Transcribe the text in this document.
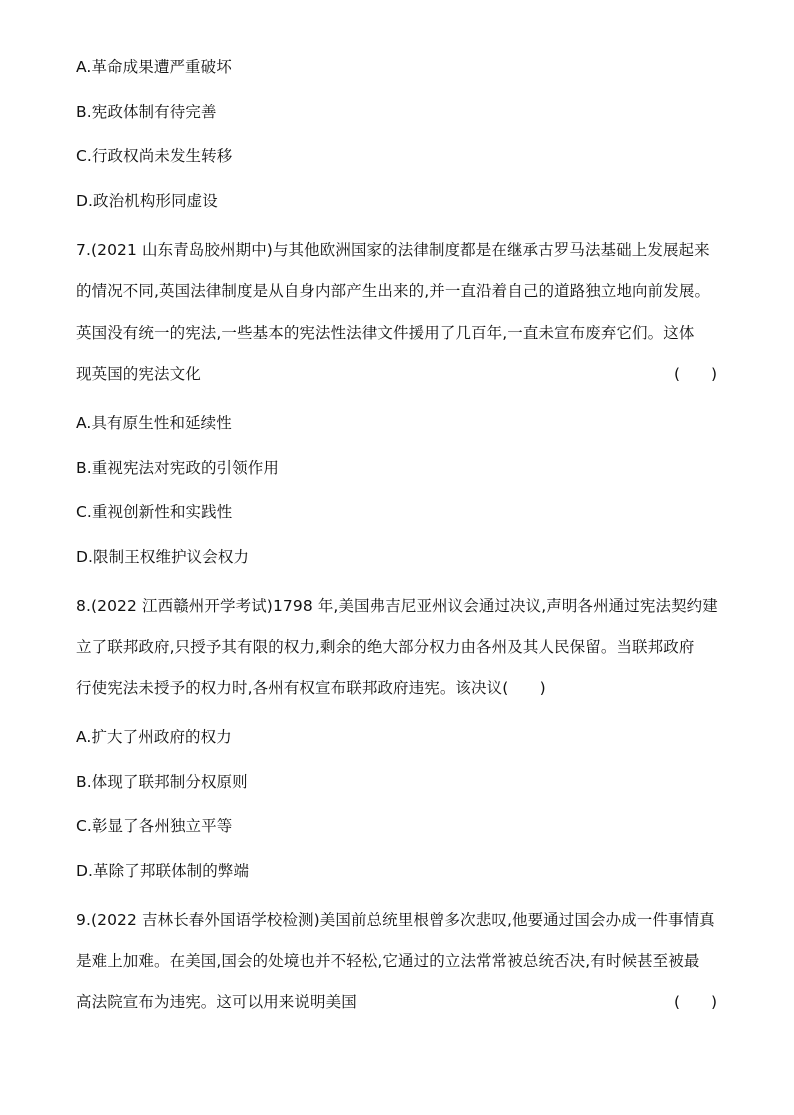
A.革命成果遭严重破坏
B.宪政体制有待完善
C.行政权尚未发生转移
D.政治机构形同虚设
7.(2021 山东青岛胶州期中)与其他欧洲国家的法律制度都是在继承古罗马法基础上发展起来
的情况不同,英国法律制度是从自身内部产生出来的,并一直沿着自己的道路独立地向前发展。
英国没有统一的宪法,一些基本的宪法性法律文件援用了几百年,一直未宣布废弃它们。这体
现英国的宪法文化	(　　)
A.具有原生性和延续性
B.重视宪法对宪政的引领作用
C.重视创新性和实践性
D.限制王权维护议会权力
8.(2022 江西赣州开学考试)1798 年,美国弗吉尼亚州议会通过决议,声明各州通过宪法契约建
立了联邦政府,只授予其有限的权力,剩余的绝大部分权力由各州及其人民保留。当联邦政府
行使宪法未授予的权力时,各州有权宣布联邦政府违宪。该决议(　　)
A.扩大了州政府的权力
B.体现了联邦制分权原则
C.彰显了各州独立平等
D.革除了邦联体制的弊端
9.(2022 吉林长春外国语学校检测)美国前总统里根曾多次悲叹,他要通过国会办成一件事情真
是难上加难。在美国,国会的处境也并不轻松,它通过的立法常常被总统否决,有时候甚至被最
高法院宣布为违宪。这可以用来说明美国	(　　)
